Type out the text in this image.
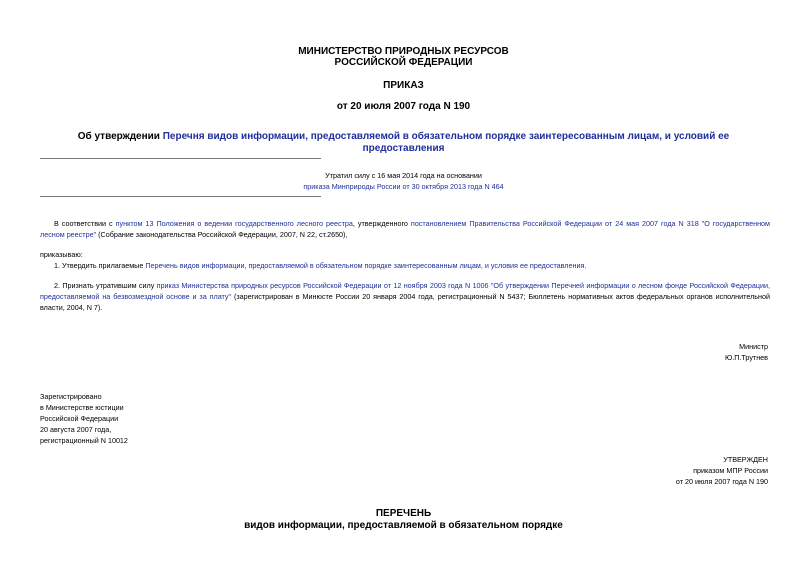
МИНИСТЕРСТВО ПРИРОДНЫХ РЕСУРСОВ
РОССИЙСКОЙ ФЕДЕРАЦИИ
ПРИКАЗ
от 20 июля 2007 года N 190
Об утверждении Перечня видов информации, предоставляемой в обязательном порядке заинтересованным лицам, и условий ее предоставления
Утратил силу с 16 мая 2014 года на основании
приказа Минприроды России от 30 октября 2013 года N 464
В соответствии с пунктом 13 Положения о ведении государственного лесного реестра, утвержденного постановлением Правительства Российской Федерации от 24 мая 2007 года N 318 "О государственном лесном реестре" (Собрание законодательства Российской Федерации, 2007, N 22, ст.2650),
приказываю:
1. Утвердить прилагаемые Перечень видов информации, предоставляемой в обязательном порядке заинтересованным лицам, и условия ее предоставления.
2. Признать утратившим силу приказ Министерства природных ресурсов Российской Федерации от 12 ноября 2003 года N 1006 "Об утверждении Перечней информации о лесном фонде Российской Федерации, предоставляемой на безвозмездной основе и за плату" (зарегистрирован в Минюсте России 20 января 2004 года, регистрационный N 5437; Бюллетень нормативных актов федеральных органов исполнительной власти, 2004, N 7).
Министр
Ю.П.Трутнев
Зарегистрировано
в Министерстве юстиции
Российской Федерации
20 августа 2007 года,
регистрационный N 10012
УТВЕРЖДЕН
приказом МПР России
от 20 июля 2007 года N 190
ПЕРЕЧЕНЬ
видов информации, предоставляемой в обязательном порядке
